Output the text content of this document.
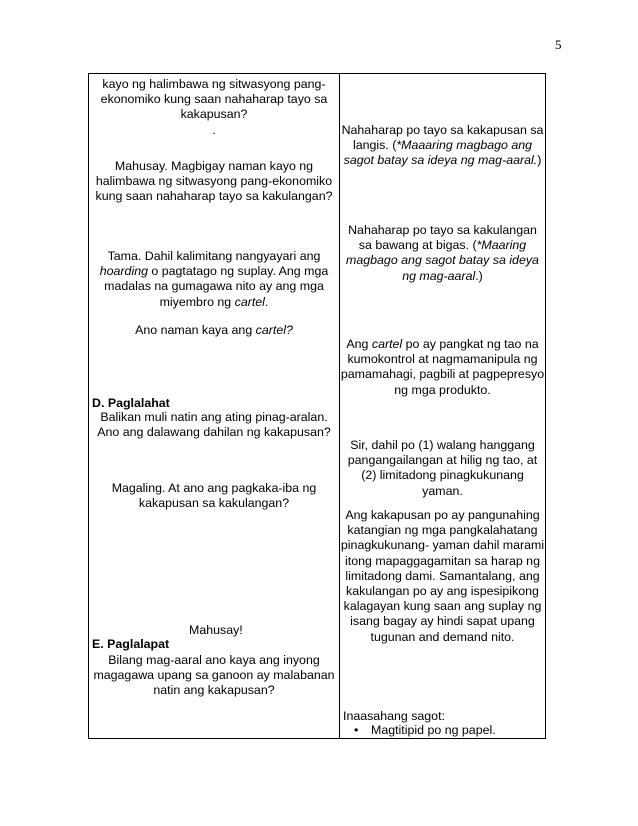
5
kayo ng halimbawa ng sitwasyong pang-ekonomiko kung saan nahaharap tayo sa kakapusan?
.
Mahusay. Magbigay naman kayo ng halimbawa ng sitwasyong pang-ekonomiko kung saan nahaharap tayo sa kakulangan?
Tama. Dahil kalimitang nangyayari ang hoarding o pagtatago ng suplay. Ang mga madalas na gumagawa nito ay ang mga miyembro ng cartel.
Ano naman kaya ang cartel?
D. Paglalahat
Balikan muli natin ang ating pinag-aralan. Ano ang dalawang dahilan ng kakapusan?
Magaling. At ano ang pagkaka-iba ng kakapusan sa kakulangan?
Mahusay!
E. Paglalapat
Bilang mag-aaral ano kaya ang inyong magagawa upang sa ganoon ay malabanan natin ang kakapusan?
Nahaharap po tayo sa kakapusan sa langis. (*Maaaring magbago ang sagot batay sa ideya ng mag-aaral.)
Nahaharap po tayo sa kakulangan sa bawang at bigas. (*Maaring magbago ang sagot batay sa ideya ng mag-aaral.)
Ang cartel po ay pangkat ng tao na kumokontrol at nagmamanipula ng pamamahagi, pagbili at pagpepresyo ng mga produkto.
Sir, dahil po (1) walang hanggang pangangailangan at hilig ng tao, at (2) limitadong pinagkukunang yaman.
Ang kakapusan po ay pangunahing katangian ng mga pangkalahatang pinagkukunang- yaman dahil marami itong mapaggagamitan sa harap ng limitadong dami. Samantalang, ang kakulangan po ay ang ispesipikong kalagayan kung saan ang suplay ng isang bagay ay hindi sapat upang tugunan and demand nito.
Inaasahang sagot:
• Magtitipid po ng papel.
